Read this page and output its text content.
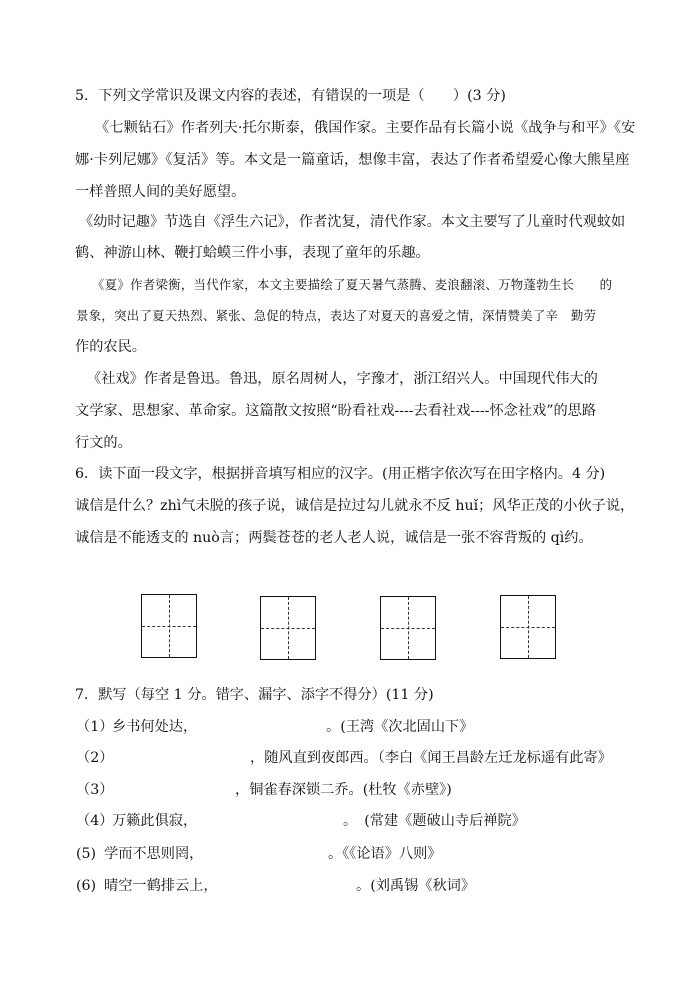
5．下列文学常识及课文内容的表述，有错误的一项是（　　）(3 分)
《七颗钻石》作者列夫·托尔斯泰，俄国作家。主要作品有长篇小说《战争与和平》《安
娜·卡列尼娜》《复活》等。本文是一篇童话，想像丰富，表达了作者希望爱心像大熊星座
一样普照人间的美好愿望。
《幼时记趣》节选自《浮生六记》，作者沈复，清代作家。本文主要写了儿童时代观蚊如
鹤、神游山林、鞭打蛤蟆三件小事，表现了童年的乐趣。
《夏》作者梁衡，当代作家，本文主要描绘了夏天暑气蒸腾、麦浪翻滚、万物蓬勃生长　　的
景象，突出了夏天热烈、紧张、急促的特点，表达了对夏天的喜爱之情，深情赞美了辛　勤劳
作的农民。
《社戏》作者是鲁迅。鲁迅，原名周树人，字豫才，浙江绍兴人。中国现代伟大的
文学家、思想家、革命家。这篇散文按照“盼看社戏----去看社戏----怀念社戏”的思路
行文的。
6．读下面一段文字，根据拼音填写相应的汉字。(用正楷字依次写在田字格内。4 分)
诚信是什么？zhì气未脱的孩子说，诚信是拉过勾儿就永不反 huǐ；风华正茂的小伙子说，
诚信是不能透支的 nuò言；两鬓苍苍的老人老人说，诚信是一张不容背叛的 qì约。
7．默写（每空 1 分。错字、漏字、添字不得分）(11 分)
（1）
乡书何处达，	。(王湾《次北固山下》
（2）	，随风直到夜郎西。（李白《闻王昌龄左迁龙标遥有此寄》
（3）	，铜雀春深锁二乔。(杜牧《赤壁》)
（4）
万籁此俱寂，	。　(常建《题破山寺后禅院》
(5) 学而不思则罔，	。《《论语》八则》
(6) 晴空一鹤排云上，	。(刘禹锡《秋词》
